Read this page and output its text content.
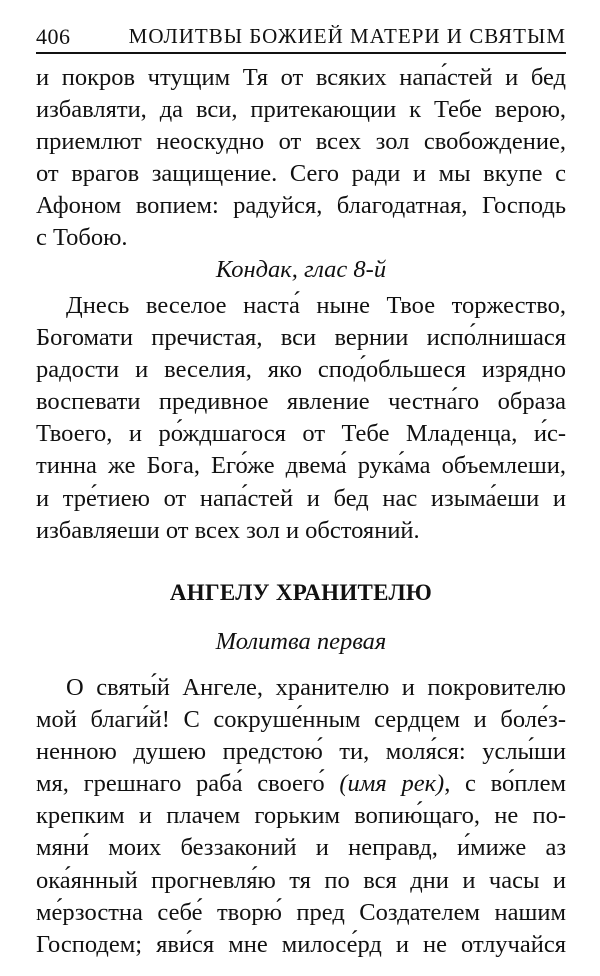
406	МОЛИТВЫ БОЖИЕЙ МАТЕРИ И СВЯТЫМ
и покров чтущим Тя от всяких напа́стей и бед
избавляти, да вси, притекающии к Тебе верою,
приемлют неоскудно от всех зол свобождение,
от врагов защищение. Сего ради и мы вкупе с
Афоном вопием: радуйся, благодатная, Господь
с Тобою.
Кондак, глас 8-й
Днесь веселое наста́ ныне Твое торжество,
Богомати пречистая, вси вернии испо́лнишася
радости и веселия, яко спод́обльшеся изрядно
воспевати предивное явление честна́го образа
Твоего, и ро́ждшагося от Тебе Младенца, и́с-
тинна же Бога, Его́же двема́ рука́ма объемлеши,
и тре́тиею от напа́стей и бед нас изыма́еши и
избавляеши от всех зол и обстояний.
АНГЕЛУ ХРАНИТЕЛЮ
Молитва первая
О святы́й Ангеле, хранителю и покровителю
мой благи́й! С сокруше́нным сердцем и боле́з-
ненною душею предстою́ ти, моля́ся: услы́ши
мя, грешнаго раба́ своего́ (имя рек), с во́плем
крепким и плачем горьким вопию́щаго, не по-
мяни́ моих беззаконий и неправд, и́миже аз
ока́янный прогневля́ю тя по вся дни и часы и
ме́рзостна себе́ творю́ пред Создателем нашим
Господем; яви́ся мне милосе́рд и не отлучайся
